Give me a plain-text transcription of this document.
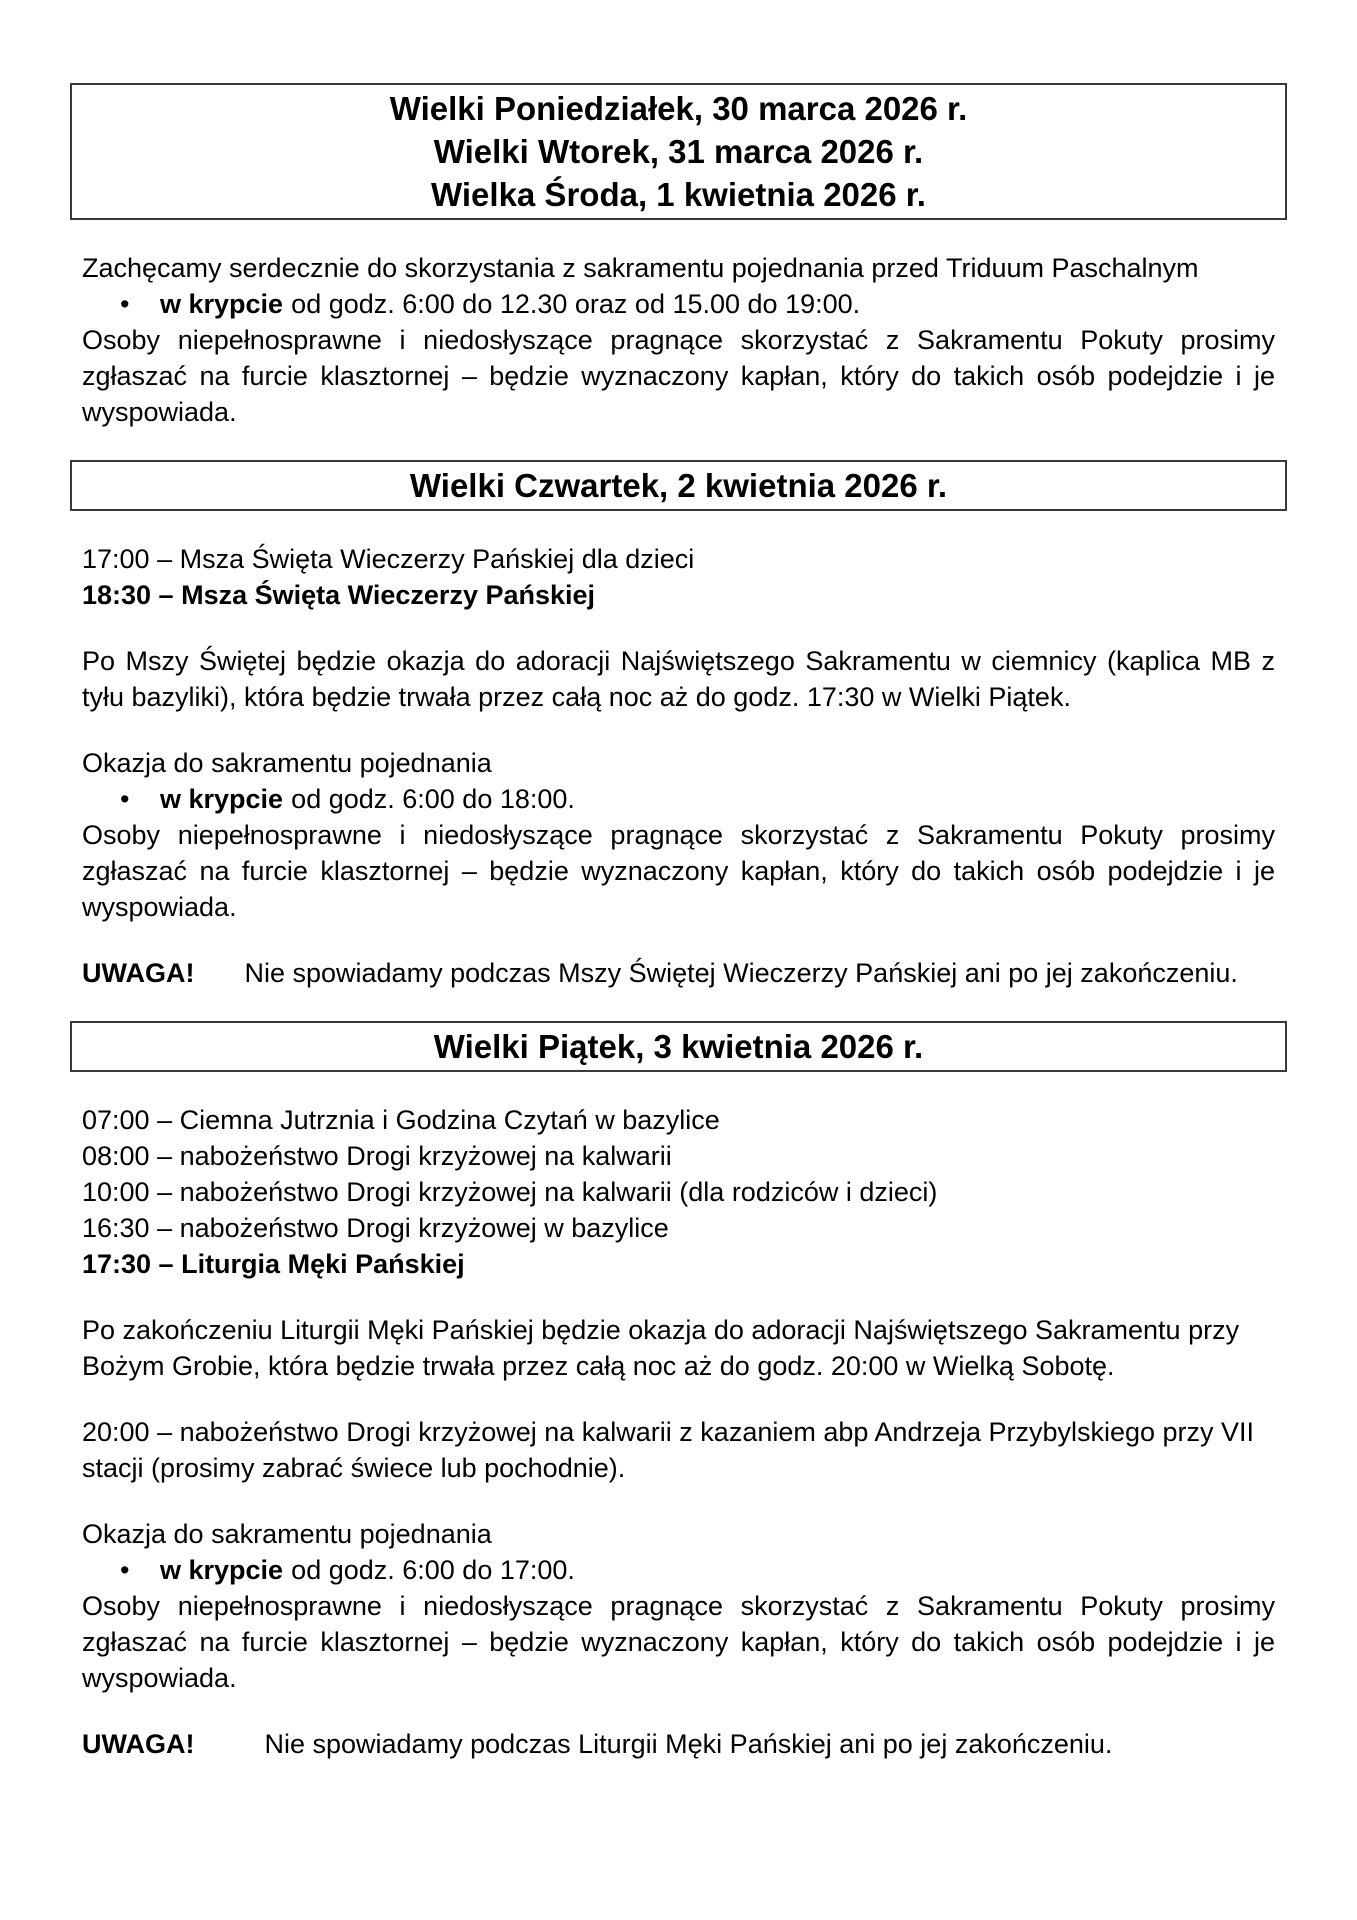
Wielki Poniedziałek, 30 marca 2026 r.
Wielki Wtorek, 31 marca 2026 r.
Wielka Środa, 1 kwietnia 2026 r.

Zachęcamy serdecznie do skorzystania z sakramentu pojednania przed Triduum Paschalnym

• w krypcie od godz. 6:00 do 12.30 oraz od 15.00 do 19:00.

Osoby niepełnosprawne i niedosłyszące pragnące skorzystać z Sakramentu Pokuty prosimy zgłaszać na furcie klasztornej – będzie wyznaczony kapłan, który do takich osób podejdzie i je wyspowiada.

Wielki Czwartek, 2 kwietnia 2026 r.

17:00 – Msza Święta Wieczerzy Pańskiej dla dzieci

18:30 – Msza Święta Wieczerzy Pańskiej

Po Mszy Świętej będzie okazja do adoracji Najświętszego Sakramentu w ciemnicy (kaplica MB z tyłu bazyliki), która będzie trwała przez całą noc aż do godz. 17:30 w Wielki Piątek.

Okazja do sakramentu pojednania

• w krypcie od godz. 6:00 do 18:00.

Osoby niepełnosprawne i niedosłyszące pragnące skorzystać z Sakramentu Pokuty prosimy zgłaszać na furcie klasztornej – będzie wyznaczony kapłan, który do takich osób podejdzie i je wyspowiada.

UWAGA! Nie spowiadamy podczas Mszy Świętej Wieczerzy Pańskiej ani po jej zakończeniu.

Wielki Piątek, 3 kwietnia 2026 r.

07:00 – Ciemna Jutrznia i Godzina Czytań w bazylice

08:00 – nabożeństwo Drogi krzyżowej na kalwarii

10:00 – nabożeństwo Drogi krzyżowej na kalwarii (dla rodziców i dzieci)

16:30 – nabożeństwo Drogi krzyżowej w bazylice

17:30 – Liturgia Męki Pańskiej

Po zakończeniu Liturgii Męki Pańskiej będzie okazja do adoracji Najświętszego Sakramentu przy Bożym Grobie, która będzie trwała przez całą noc aż do godz. 20:00 w Wielką Sobotę.

20:00 – nabożeństwo Drogi krzyżowej na kalwarii z kazaniem abp Andrzeja Przybylskiego przy VII stacji (prosimy zabrać świece lub pochodnie).

Okazja do sakramentu pojednania

• w krypcie od godz. 6:00 do 17:00.

Osoby niepełnosprawne i niedosłyszące pragnące skorzystać z Sakramentu Pokuty prosimy zgłaszać na furcie klasztornej – będzie wyznaczony kapłan, który do takich osób podejdzie i je wyspowiada.

UWAGA!	Nie spowiadamy podczas Liturgii Męki Pańskiej ani po jej zakończeniu.
